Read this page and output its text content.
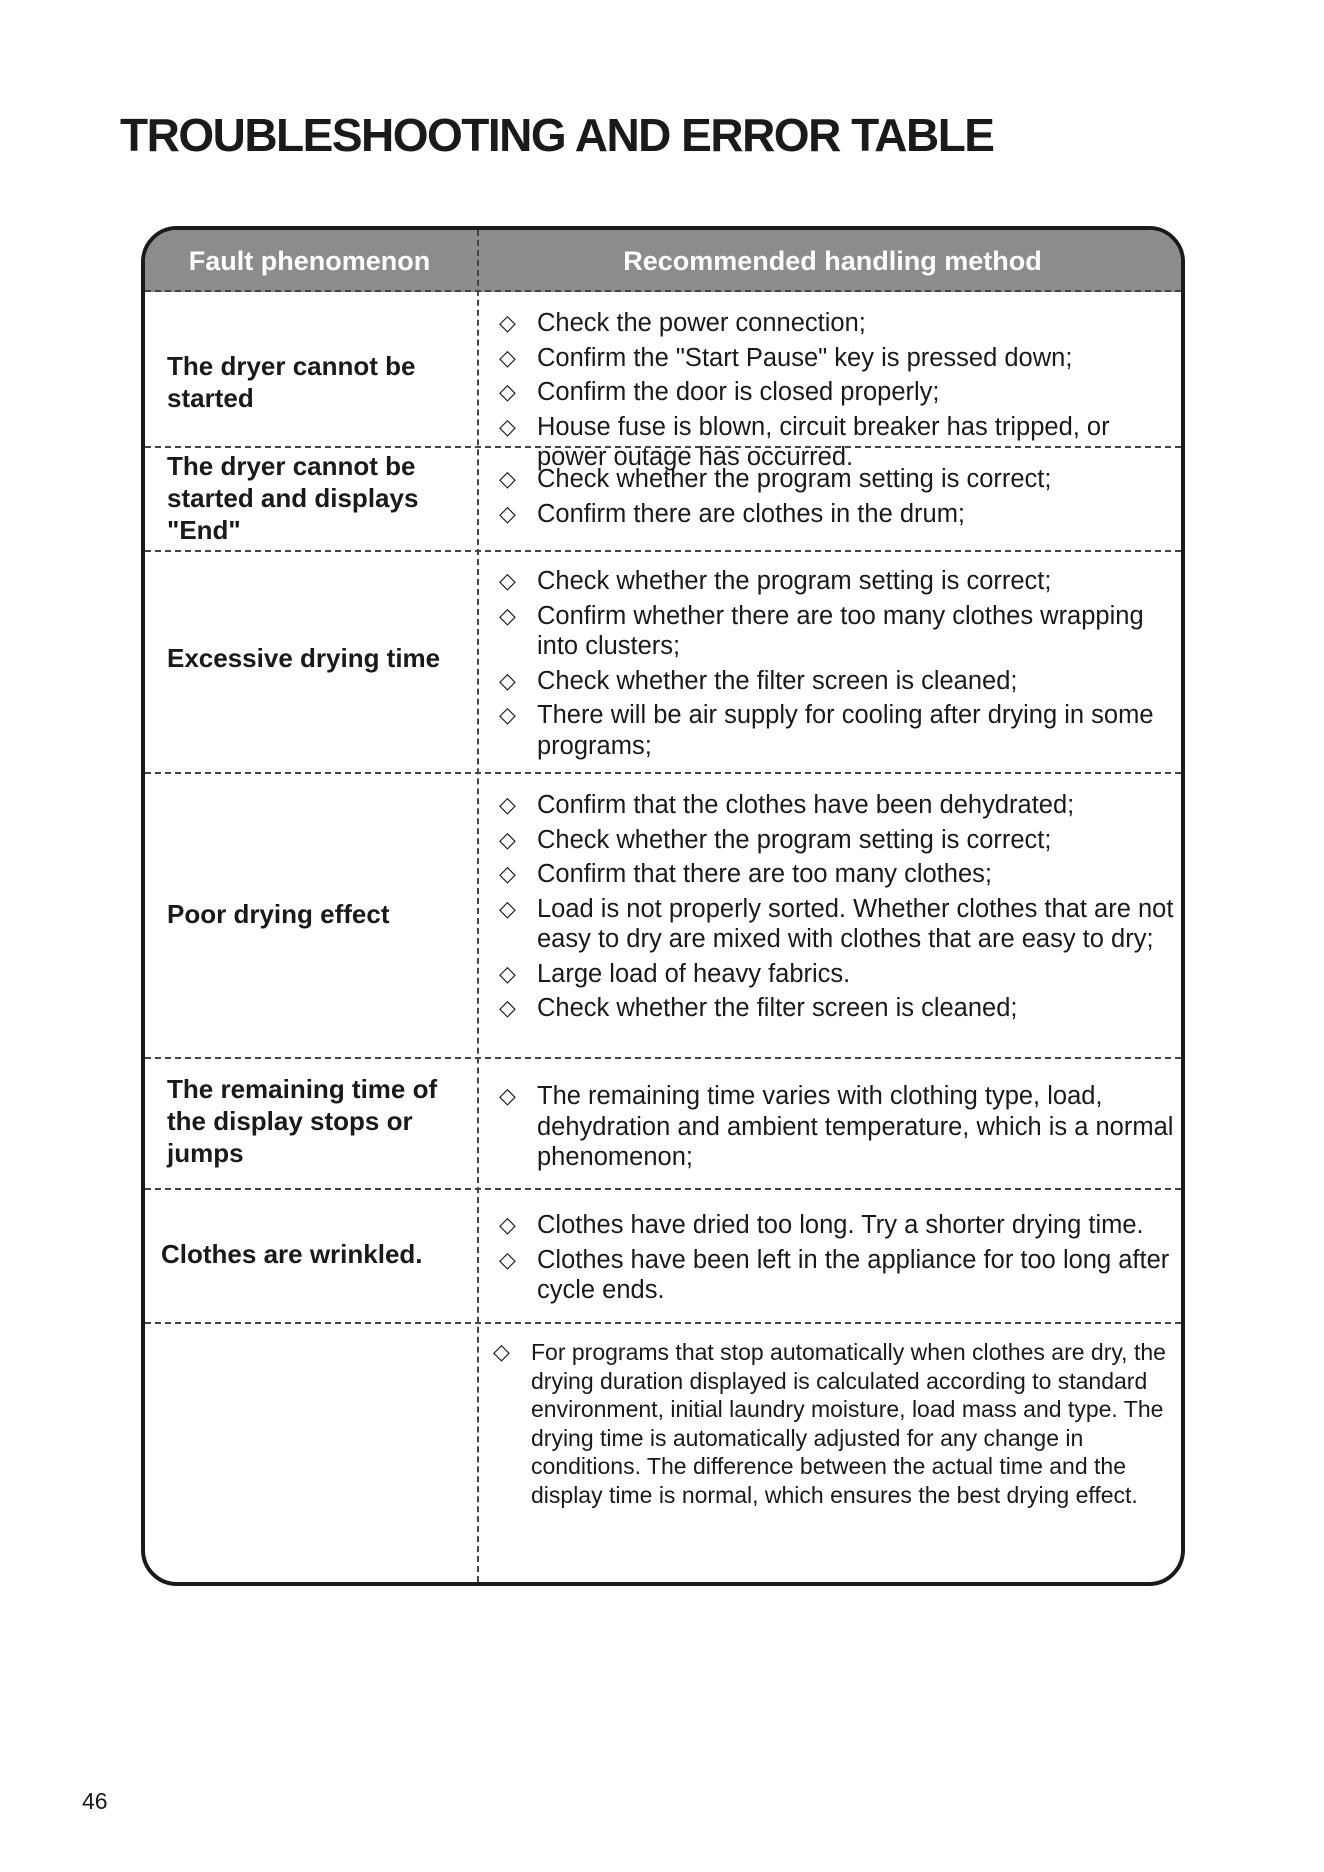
TROUBLESHOOTING AND ERROR TABLE
Fault phenomenon	Recommended handling method
The dryer cannot be started
◇ Check the power connection;
◇ Confirm the "Start Pause" key is pressed down;
◇ Confirm the door is closed properly;
◇ House fuse is blown, circuit breaker has tripped, or power outage has occurred.
The dryer cannot be started and displays "End"
◇ Check whether the program setting is correct;
◇ Confirm there are clothes in the drum;
Excessive drying time
◇ Check whether the program setting is correct;
◇ Confirm whether there are too many clothes wrapping into clusters;
◇ Check whether the filter screen is cleaned;
◇ There will be air supply for cooling after drying in some programs;
Poor drying effect
◇ Confirm that the clothes have been dehydrated;
◇ Check whether the program setting is correct;
◇ Confirm that there are too many clothes;
◇ Load is not properly sorted. Whether clothes that are not easy to dry are mixed with clothes that are easy to dry;
◇ Large load of heavy fabrics.
◇ Check whether the filter screen is cleaned;
The remaining time of the display stops or jumps
◇ The remaining time varies with clothing type, load, dehydration and ambient temperature, which is a normal phenomenon;
Clothes are wrinkled.
◇ Clothes have dried too long. Try a shorter drying time.
◇ Clothes have been left in the appliance for too long after cycle ends.
◇ For programs that stop automatically when clothes are dry, the drying duration displayed is calculated according to standard environment, initial laundry moisture, load mass and type. The drying time is automatically adjusted for any change in conditions. The difference between the actual time and the display time is normal, which ensures the best drying effect.
46
